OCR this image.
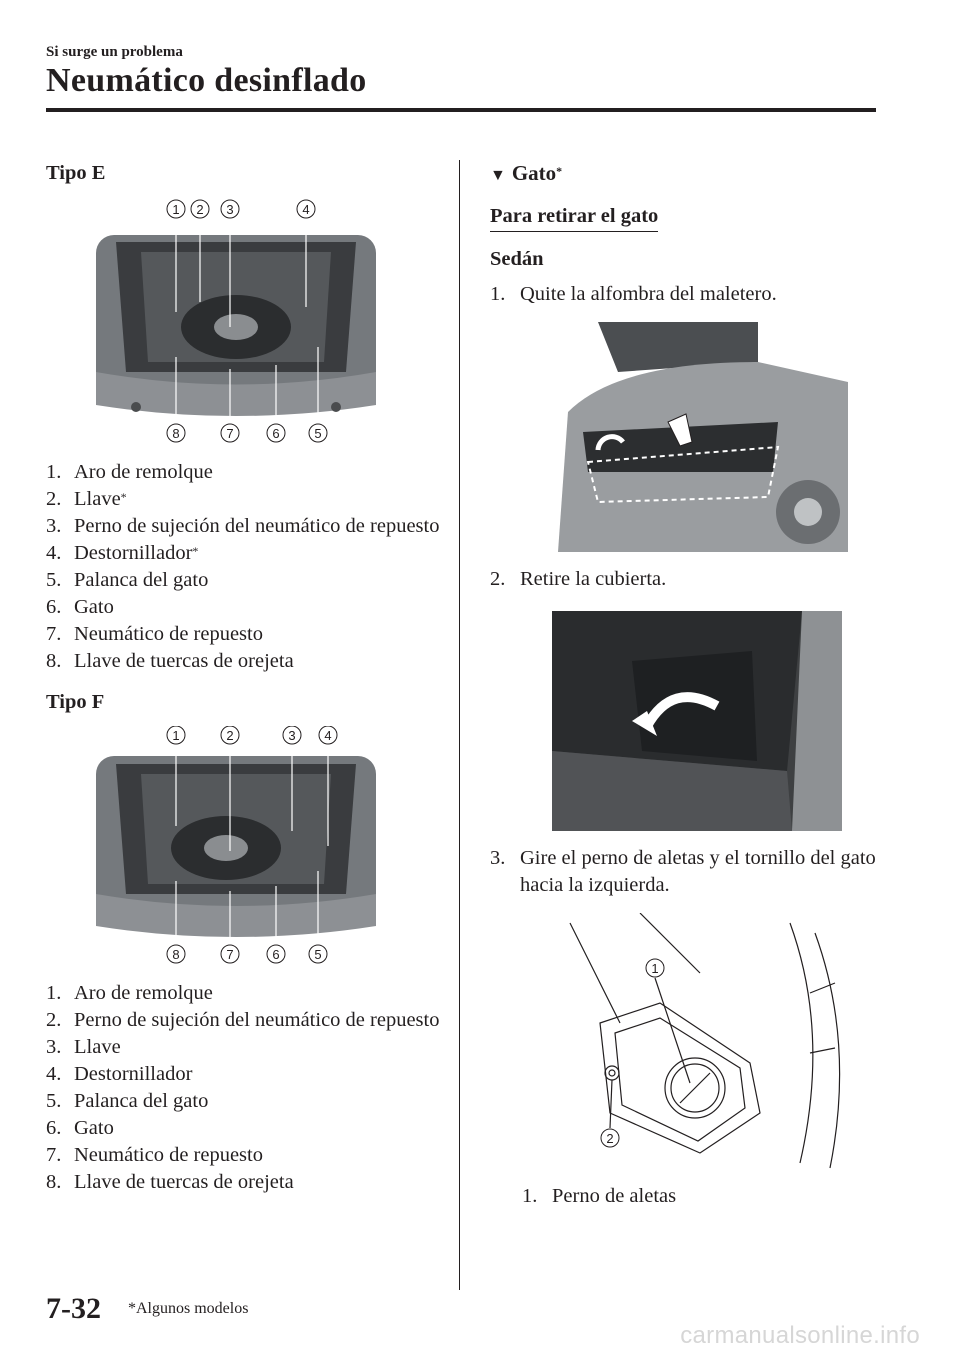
Si surge un problema
Neumático desinflado

Tipo E

1 2 3	4
8	7	6	5
1. Aro de remolque
2. Llave*
3. Perno de sujeción del neumático de repuesto
4. Destornillador*
5. Palanca del gato
6. Gato
7. Neumático de repuesto
8. Llave de tuercas de orejeta

Tipo F

1	2	3 4
8	7	6	5
1. Aro de remolque
2. Perno de sujeción del neumático de repuesto
3. Llave
4. Destornillador
5. Palanca del gato
6. Gato
7. Neumático de repuesto
8. Llave de tuercas de orejeta

▼ Gato*

Para retirar el gato

Sedán

1. Quite la alfombra del maletero.
2. Retire la cubierta.
3. Gire el perno de aletas y el tornillo del gato hacia la izquierda.
1
2
1. Perno de aletas
7-32 *Algunos modelos
carmanualsonline.info
